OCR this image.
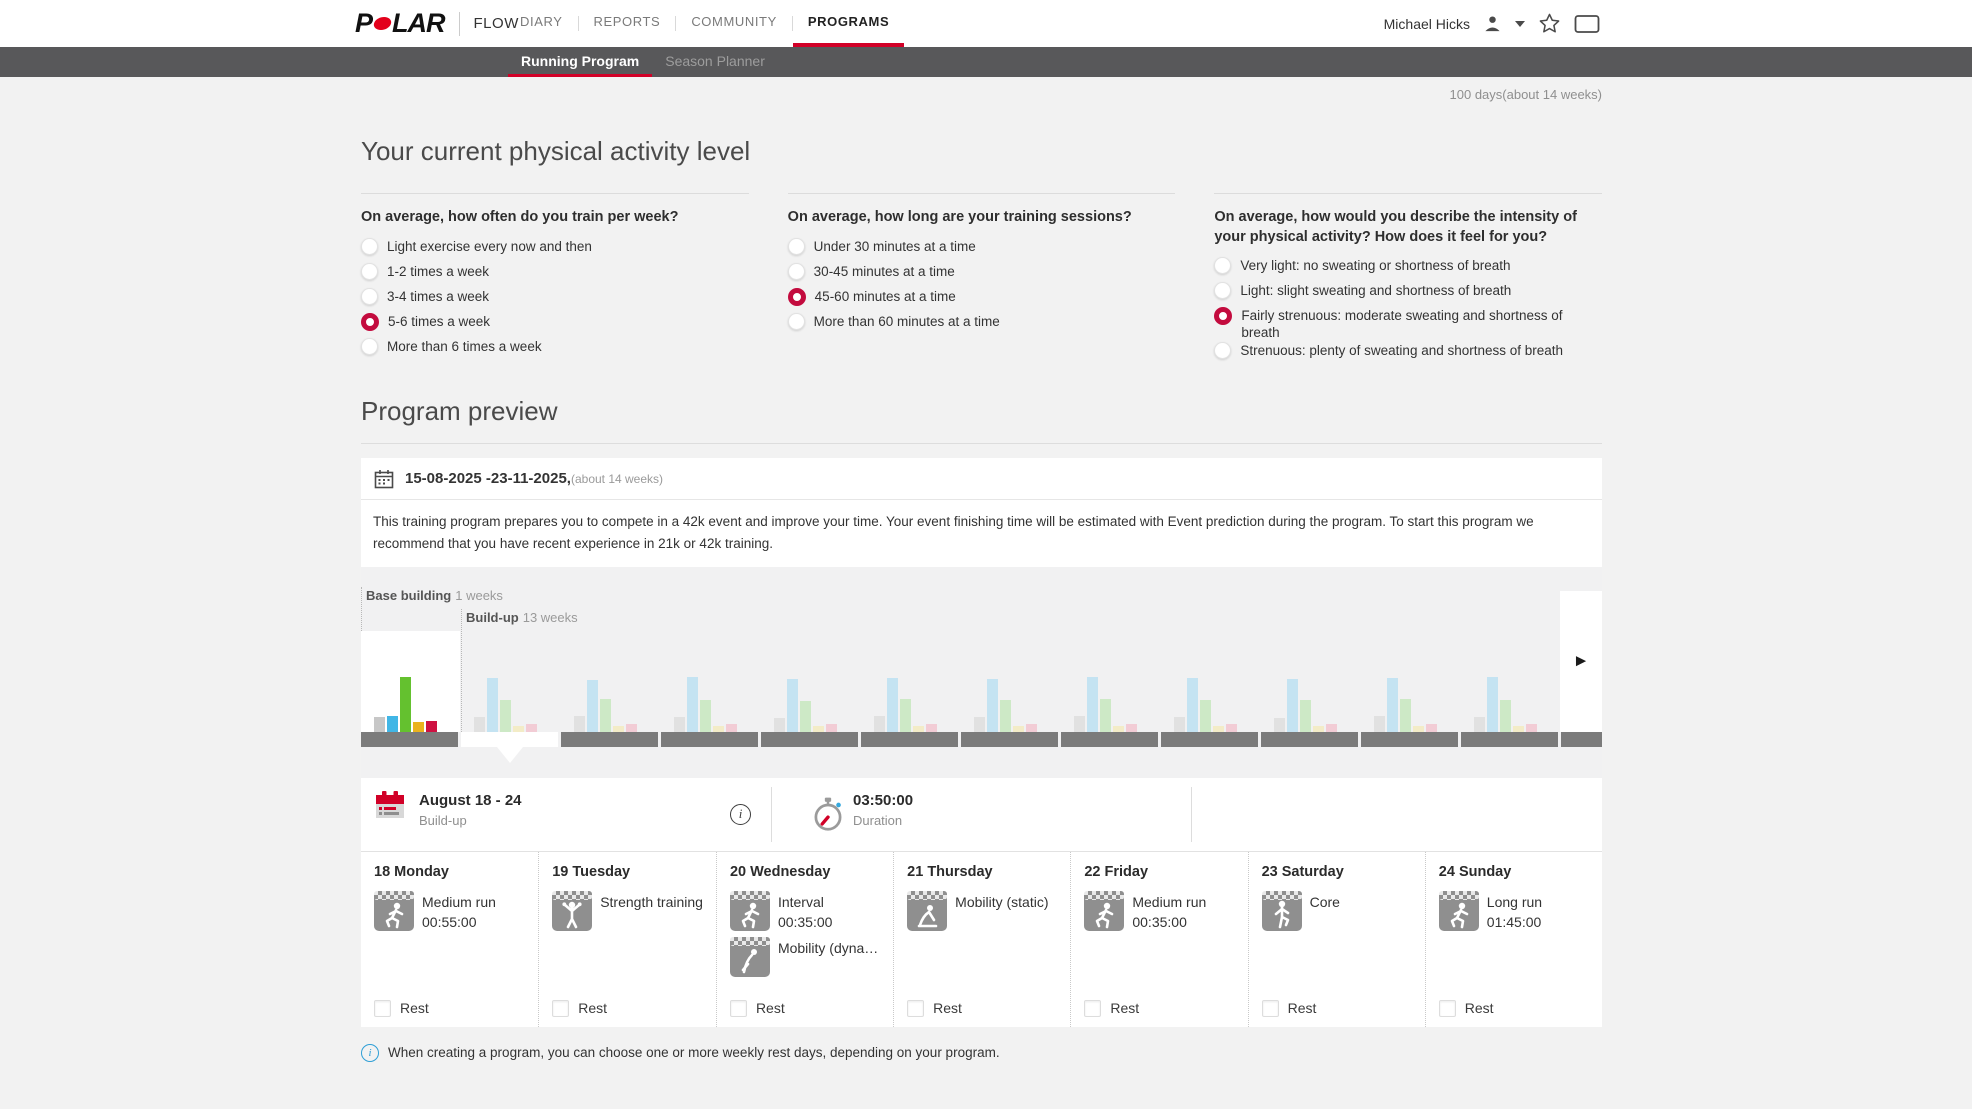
P LAR FLOW DIARY	REPORTS	COMMUNITY	PROGRAMS	Michael Hicks
Running Program	Season Planner
100 days(about 14 weeks)
Your current physical activity level
On average, how often do you train per week?
Light exercise every now and then
1-2 times a week
3-4 times a week
5-6 times a week
More than 6 times a week
On average, how long are your training sessions?
Under 30 minutes at a time
30-45 minutes at a time
45-60 minutes at a time
More than 60 minutes at a time
On average, how would you describe the intensity of your physical activity? How does it feel for you?
Very light: no sweating or shortness of breath
Light: slight sweating and shortness of breath
Fairly strenuous: moderate sweating and shortness of breath
Strenuous: plenty of sweating and shortness of breath
Program preview
15-08-2025 -23-11-2025, (about 14 weeks)

This training program prepares you to compete in a 42k event and improve your time. Your event finishing time will be estimated with Event prediction during the program. To start this program we recommend that you have recent experience in 21k or 42k training.

Base building 1 weeks
Build-up 13 weeks
►
August 18 - 24
Build-up
i
03:50:00
Duration
18 Monday
Medium run
00:55:00
Rest
19 Tuesday
Strength training
Rest
20 Wednesday
Interval
00:35:00
Mobility (dyna…
Rest
21 Thursday
Mobility (static)
Rest
22 Friday
Medium run
00:35:00
Rest
23 Saturday
Core
Rest
24 Sunday
Long run
01:45:00
Rest
i
When creating a program, you can choose one or more weekly rest days, depending on your program.
